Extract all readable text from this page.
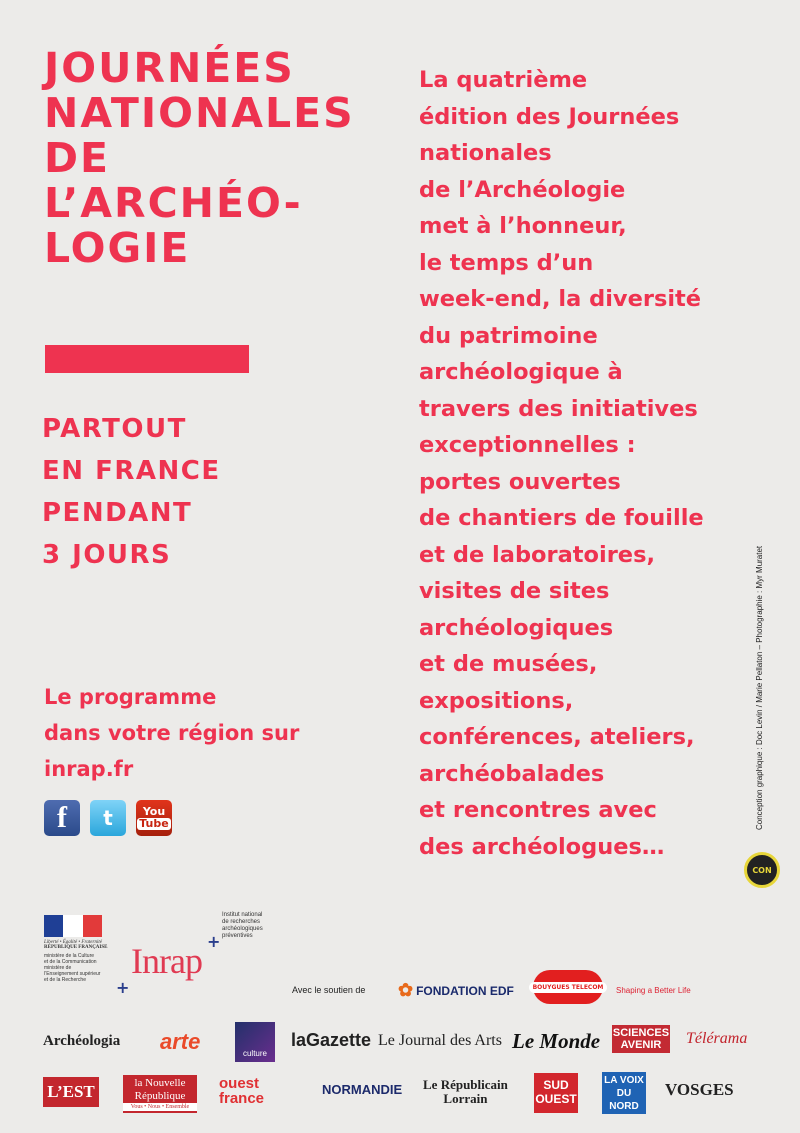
JOURNÉES
NATIONALES
DE
L’ARCHÉO-
LOGIE
PARTOUT
EN FRANCE
PENDANT
3 JOURS
Le programme
dans votre région sur
inrap.fr
f t	You
Tube
La quatrième
édition des Journées
nationales
de l’Archéologie
met à l’honneur,
le temps d’un
week-end, la diversité
du patrimoine
archéologique à
travers des initiatives
exceptionnelles :
portes ouvertes
de chantiers de fouille
et de laboratoires,
visites de sites
archéologiques
et de musées,
expositions,
conférences, ateliers,
archéobalades
et rencontres avec
des archéologues…
Conception graphique : Doc Levin / Marie Pellaton – Photographie : Myr Muratet
CON
Liberté • Égalité • Fraternité
RÉPUBLIQUE FRANÇAISE
ministère de la Culture
et de la Communication
ministère de
l’Enseignement supérieur
et de la Recherche	Inrap
Institut national
de recherches
archéologiques
préventives
+
+	Avec le soutien de ✿ FONDATION EDF	BOUYGUES TELECOM	Shaping a Better Life
Archéologia arte	culture
laGazette Le Journal des Arts Le Monde SCIENCES
AVENIR	Télérama
L’EST	la Nouvelle
République
Vous • Nous • Ensemble
ouest
france
NORMANDIE Le Républicain
Lorrain
SUD
OUEST
LA VOIX
DU
NORD
VOSGES
